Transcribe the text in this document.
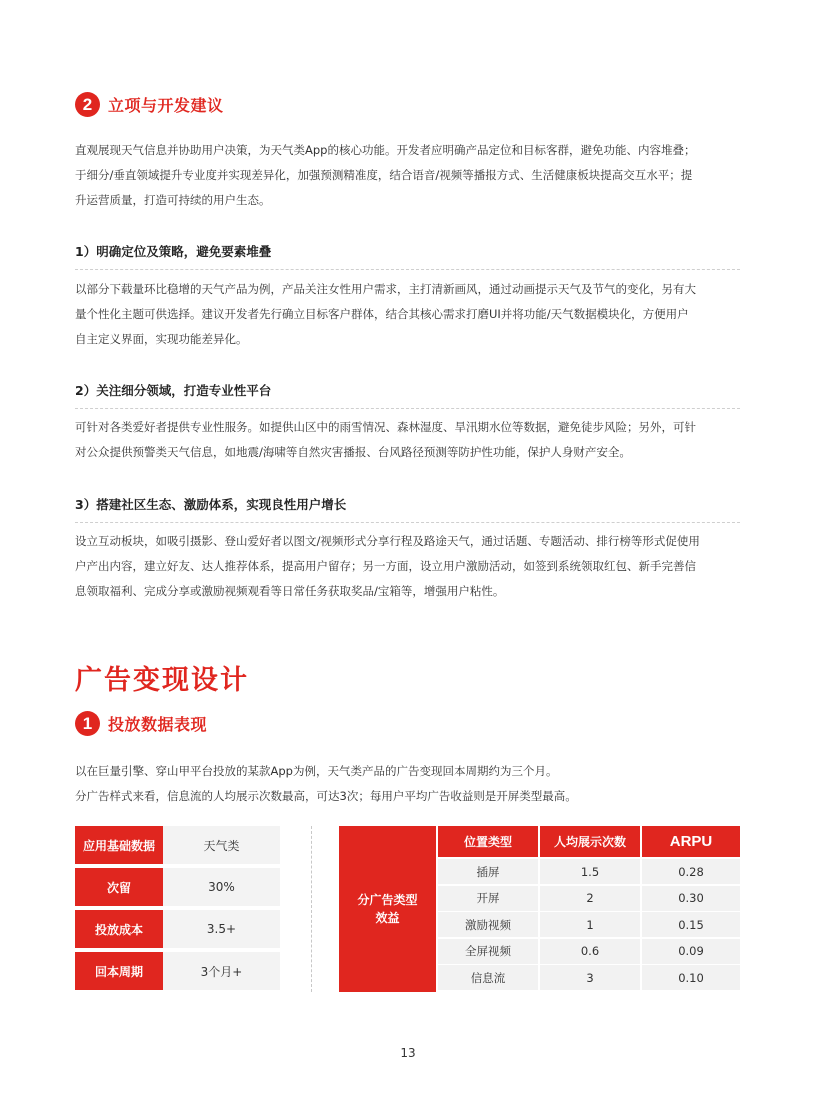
2 立项与开发建议
直观展现天气信息并协助用户决策，为天气类App的核心功能。开发者应明确产品定位和目标客群，避免功能、内容堆叠；
于细分/垂直领域提升专业度并实现差异化，加强预测精准度，结合语音/视频等播报方式、生活健康板块提高交互水平；提
升运营质量，打造可持续的用户生态。
1）明确定位及策略，避免要素堆叠
以部分下载量环比稳增的天气产品为例，产品关注女性用户需求，主打清新画风，通过动画提示天气及节气的变化，另有大
量个性化主题可供选择。建议开发者先行确立目标客户群体，结合其核心需求打磨UI并将功能/天气数据模块化，方便用户
自主定义界面，实现功能差异化。
2）关注细分领域，打造专业性平台
可针对各类爱好者提供专业性服务。如提供山区中的雨雪情况、森林湿度、旱汛期水位等数据，避免徒步风险；另外，可针
对公众提供预警类天气信息，如地震/海啸等自然灾害播报、台风路径预测等防护性功能，保护人身财产安全。
3）搭建社区生态、激励体系，实现良性用户增长
设立互动板块，如吸引摄影、登山爱好者以图文/视频形式分享行程及路途天气，通过话题、专题活动、排行榜等形式促使用
户产出内容，建立好友、达人推荐体系，提高用户留存；另一方面，设立用户激励活动，如签到系统领取红包、新手完善信
息领取福利、完成分享或激励视频观看等日常任务获取奖品/宝箱等，增强用户粘性。
广告变现设计
1 投放数据表现
以在巨量引擎、穿山甲平台投放的某款App为例，天气类产品的广告变现回本周期约为三个月。
分广告样式来看，信息流的人均展示次数最高，可达3次；每用户平均广告收益则是开屏类型最高。
应用基础数据	天气类
次留	30%
投放成本	3.5+
回本周期	3个月+
分广告类型
效益
位置类型	人均展示次数	ARPU
插屏	1.5	0.28
开屏	2	0.30
激励视频	1	0.15
全屏视频	0.6	0.09
信息流	3	0.10
13
